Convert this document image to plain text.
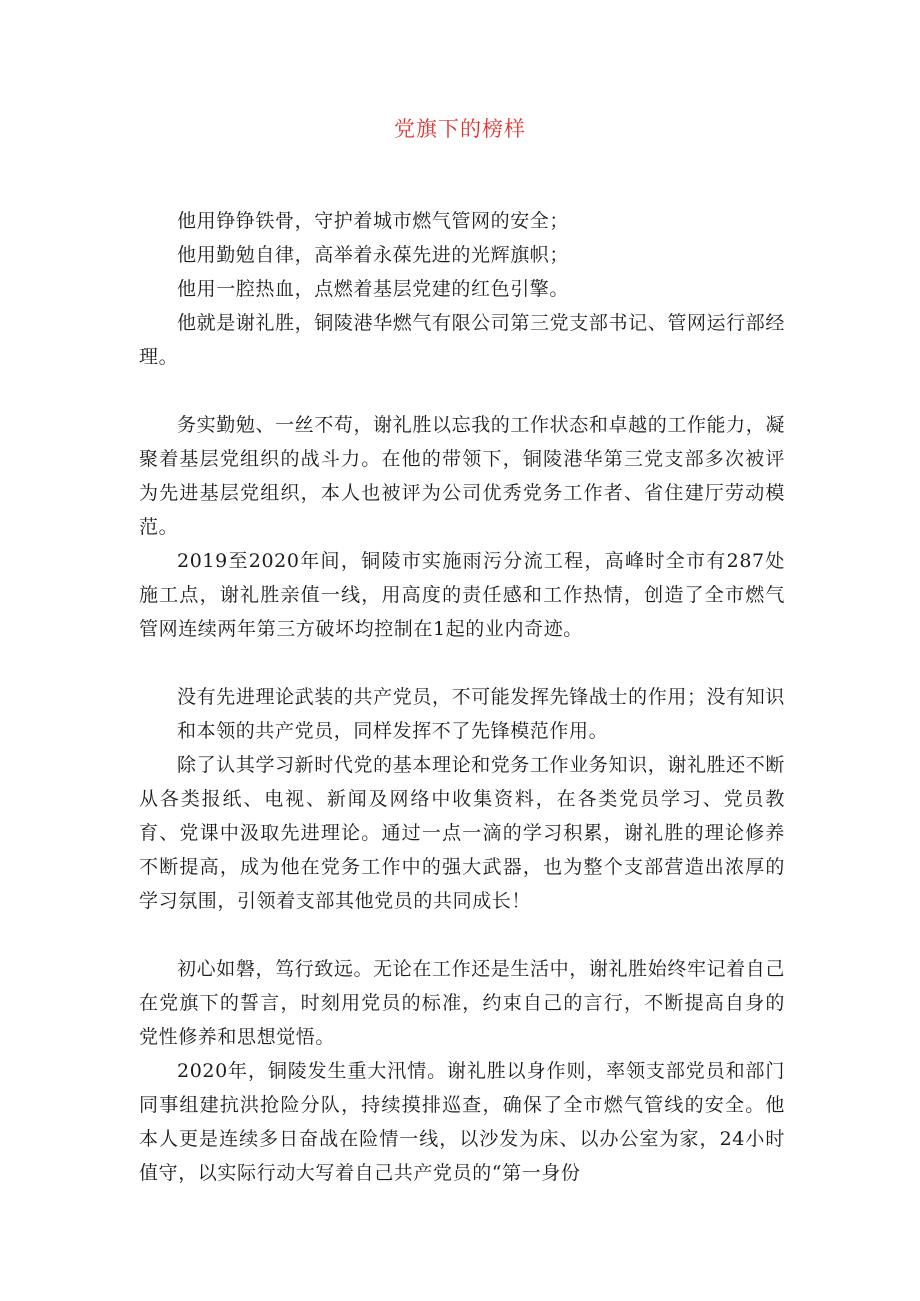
党旗下的榜样

他用铮铮铁骨，守护着城市燃气管网的安全；

他用勤勉自律，高举着永葆先进的光辉旗帜；

他用一腔热血，点燃着基层党建的红色引擎。

他就是谢礼胜，铜陵港华燃气有限公司第三党支部书记、管网运行部经理。

务实勤勉、一丝不苟，谢礼胜以忘我的工作状态和卓越的工作能力，凝聚着基层党组织的战斗力。在他的带领下，铜陵港华第三党支部多次被评为先进基层党组织，本人也被评为公司优秀党务工作者、省住建厅劳动模范。

2019至2020年间，铜陵市实施雨污分流工程，高峰时全市有287处施工点，谢礼胜亲值一线，用高度的责任感和工作热情，创造了全市燃气管网连续两年第三方破坏均控制在1起的业内奇迹。

没有先进理论武装的共产党员，不可能发挥先锋战士的作用；没有知识和本领的共产党员，同样发挥不了先锋模范作用。

除了认其学习新时代党的基本理论和党务工作业务知识，谢礼胜还不断从各类报纸、电视、新闻及网络中收集资料，在各类党员学习、党员教育、党课中汲取先进理论。通过一点一滴的学习积累，谢礼胜的理论修养不断提高，成为他在党务工作中的强大武器，也为整个支部营造出浓厚的学习氛围，引领着支部其他党员的共同成长！

初心如磐，笃行致远。无论在工作还是生活中，谢礼胜始终牢记着自己在党旗下的誓言，时刻用党员的标准，约束自己的言行，不断提高自身的党性修养和思想觉悟。

2020年，铜陵发生重大汛情。谢礼胜以身作则，率领支部党员和部门同事组建抗洪抢险分队，持续摸排巡查，确保了全市燃气管线的安全。他本人更是连续多日奋战在险情一线，以沙发为床、以办公室为家，24小时值守，以实际行动大写着自己共产党员的“第一身份
